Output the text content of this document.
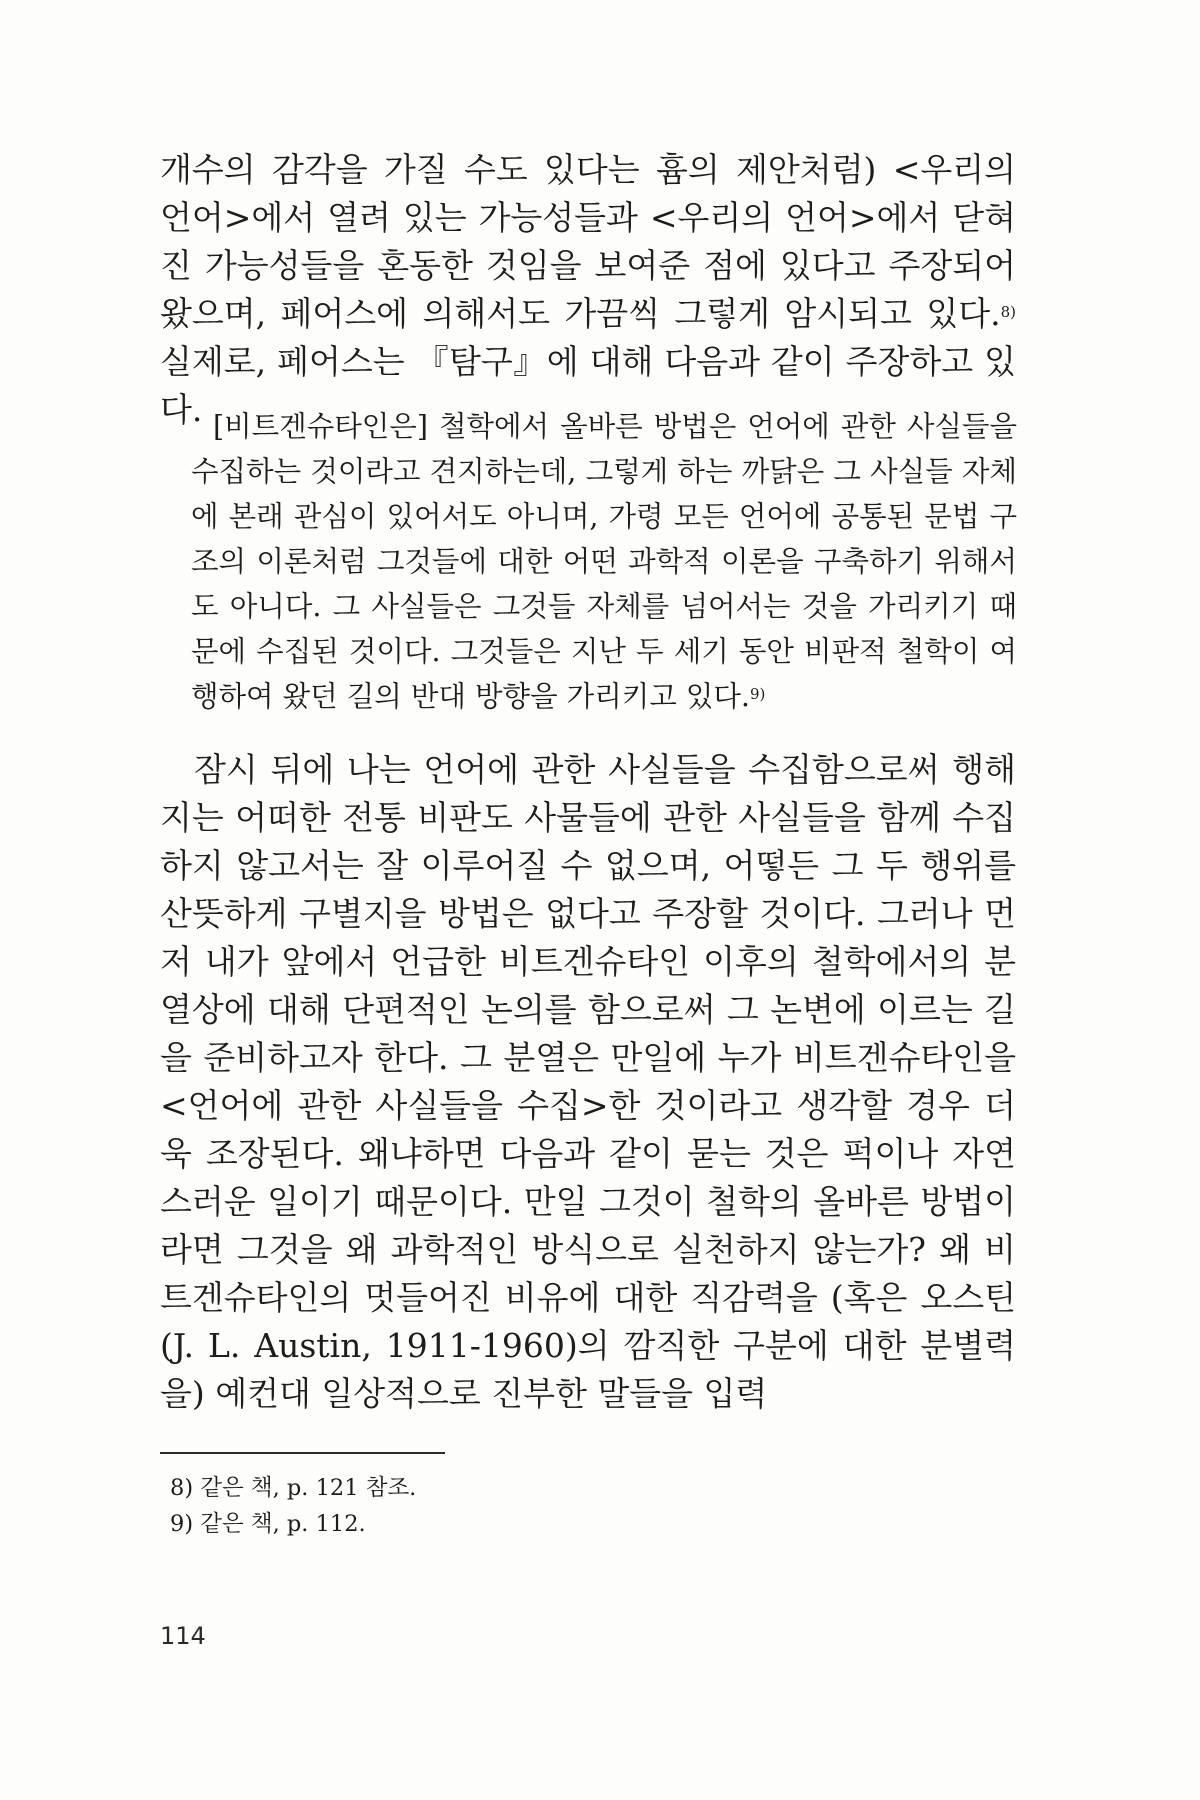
개수의 감각을 가질 수도 있다는 흄의 제안처럼) <우리의 언어>에서 열려 있는 가능성들과 <우리의 언어>에서 닫혀진 가능성들을 혼동한 것임을 보여준 점에 있다고 주장되어 왔으며, 페어스에 의해서도 가끔씩 그렇게 암시되고 있다.$^{8)}$ 실제로, 페어스는 『탐구』에 대해 다음과 같이 주장하고 있다. [비트겐슈타인은] 철학에서 올바른 방법은 언어에 관한 사실들을 수집하는 것이라고 견지하는데, 그렇게 하는 까닭은 그 사실들 자체에 본래 관심이 있어서도 아니며, 가령 모든 언어에 공통된 문법 구조의 이론처럼 그것들에 대한 어떤 과학적 이론을 구축하기 위해서도 아니다. 그 사실들은 그것들 자체를 넘어서는 것을 가리키기 때문에 수집된 것이다. 그것들은 지난 두 세기 동안 비판적 철학이 여행하여 왔던 길의 반대 방향을 가리키고 있다.$^{9)}$

잠시 뒤에 나는 언어에 관한 사실들을 수집함으로써 행해지는 어떠한 전통 비판도 사물들에 관한 사실들을 함께 수집하지 않고서는 잘 이루어질 수 없으며, 어떻든 그 두 행위를 산뜻하게 구별지을 방법은 없다고 주장할 것이다. 그러나 먼저 내가 앞에서 언급한 비트겐슈타인 이후의 철학에서의 분열상에 대해 단편적인 논의를 함으로써 그 논변에 이르는 길을 준비하고자 한다. 그 분열은 만일에 누가 비트겐슈타인을 <언어에 관한 사실들을 수집>한 것이라고 생각할 경우 더욱 조장된다. 왜냐하면 다음과 같이 묻는 것은 퍽이나 자연스러운 일이기 때문이다. 만일 그것이 철학의 올바른 방법이라면 그것을 왜 과학적인 방식으로 실천하지 않는가? 왜 비트겐슈타인의 멋들어진 비유에 대한 직감력을 (혹은 오스틴(J. L. Austin, 1911-1960)의 깜직한 구분에 대한 분별력을) 예컨대 일상적으로 진부한 말들을 입력

8) 같은 책, p. 121 참조.
9) 같은 책, p. 112.
114
